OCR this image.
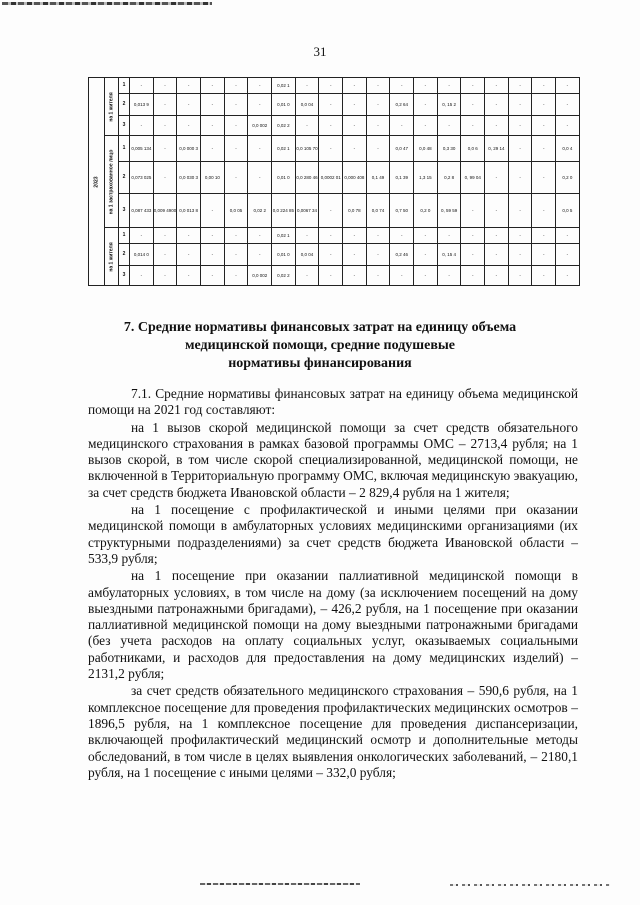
31
2023	на 1 жителя	1	-	-	-	-	-	-	0,02 1	-	-	-	-	-	-	-	-	-	-	-	-
		2	0,013 9	-	-	-	-	-	0,01 0	0,0 04	-	-	-	0,2 64	-	0, 15 2	-	-	-	-	-
		3	-	-	-	-	-	0,0 002	0,02 2	-	-	-	-	-	-	-	-	-	-	-	-

	на 1 застрахованное лицо	1	0,005 134	-	0,0 000 3	-	-	-	0,02 1	0,0 105 70	-	-	-	0,0 47	0,0 48	0,3 30	0,0 6	0, 29 14	-	-	0,0 4
		2	0,073 025	-	0,0 030 3	0,00 10	-	-	0,01 0	0,0 280 46	0,0002 01	0,000 408	0,1 49	0,1 39	1,3 15	0,2 8	0, 99 04	-	-	-	0,2 0
		3	0,087 433	0,009 4900	0,0 013 8	-	0,0 05	0,02 2	0,0 224 85	0,0067 34	-	0,0 78	0,0 74	0,7 50	0,2 0	0, 59 59	-	-	-	-	0,0 5

	на 1 жителя	1	-	-	-	-	-	-	0,02 1	-	-	-	-	-	-	-	-	-	-	-	-
		2	0,014 0	-	-	-	-	-	0,01 0	0,0 04	-	-	-	0,2 46	-	0, 15 4	-	-	-	-	-
		3	-	-	-	-	-	0,0 002	0,02 2	-	-	-	-	-	-	-	-	-	-	-	-
7. Средние нормативы финансовых затрат на единицу объема
медицинской помощи, средние подушевые
нормативы финансирования

7.1. Средние нормативы финансовых затрат на единицу объема медицинской помощи на 2021 год составляют:

на 1 вызов скорой медицинской помощи за счет средств обязательного медицинского страхования в рамках базовой программы ОМС – 2713,4 рубля; на 1 вызов скорой, в том числе скорой специализированной, медицинской помощи, не включенной в Территориальную программу ОМС, включая медицинскую эвакуацию, за счет средств бюджета Ивановской области – 2 829,4 рубля на 1 жителя;

на 1 посещение с профилактической и иными целями при оказании медицинской помощи в амбулаторных условиях медицинскими организациями (их структурными подразделениями) за счет средств бюджета Ивановской области – 533,9 рубля;

на 1 посещение при оказании паллиативной медицинской помощи в амбулаторных условиях, в том числе на дому (за исключением посещений на дому выездными патронажными бригадами), – 426,2 рубля, на 1 посещение при оказании паллиативной медицинской помощи на дому выездными патронажными бригадами (без учета расходов на оплату социальных услуг, оказываемых социальными работниками, и расходов для предоставления на дому медицинских изделий) – 2131,2 рубля;

за счет средств обязательного медицинского страхования – 590,6 рубля, на 1 комплексное посещение для проведения профилактических медицинских осмотров – 1896,5 рубля, на 1 комплексное посещение для проведения диспансеризации, включающей профилактический медицинский осмотр и дополнительные методы обследований, в том числе в целях выявления онкологических заболеваний, – 2180,1 рубля, на 1 посещение с иными целями – 332,0 рубля;
